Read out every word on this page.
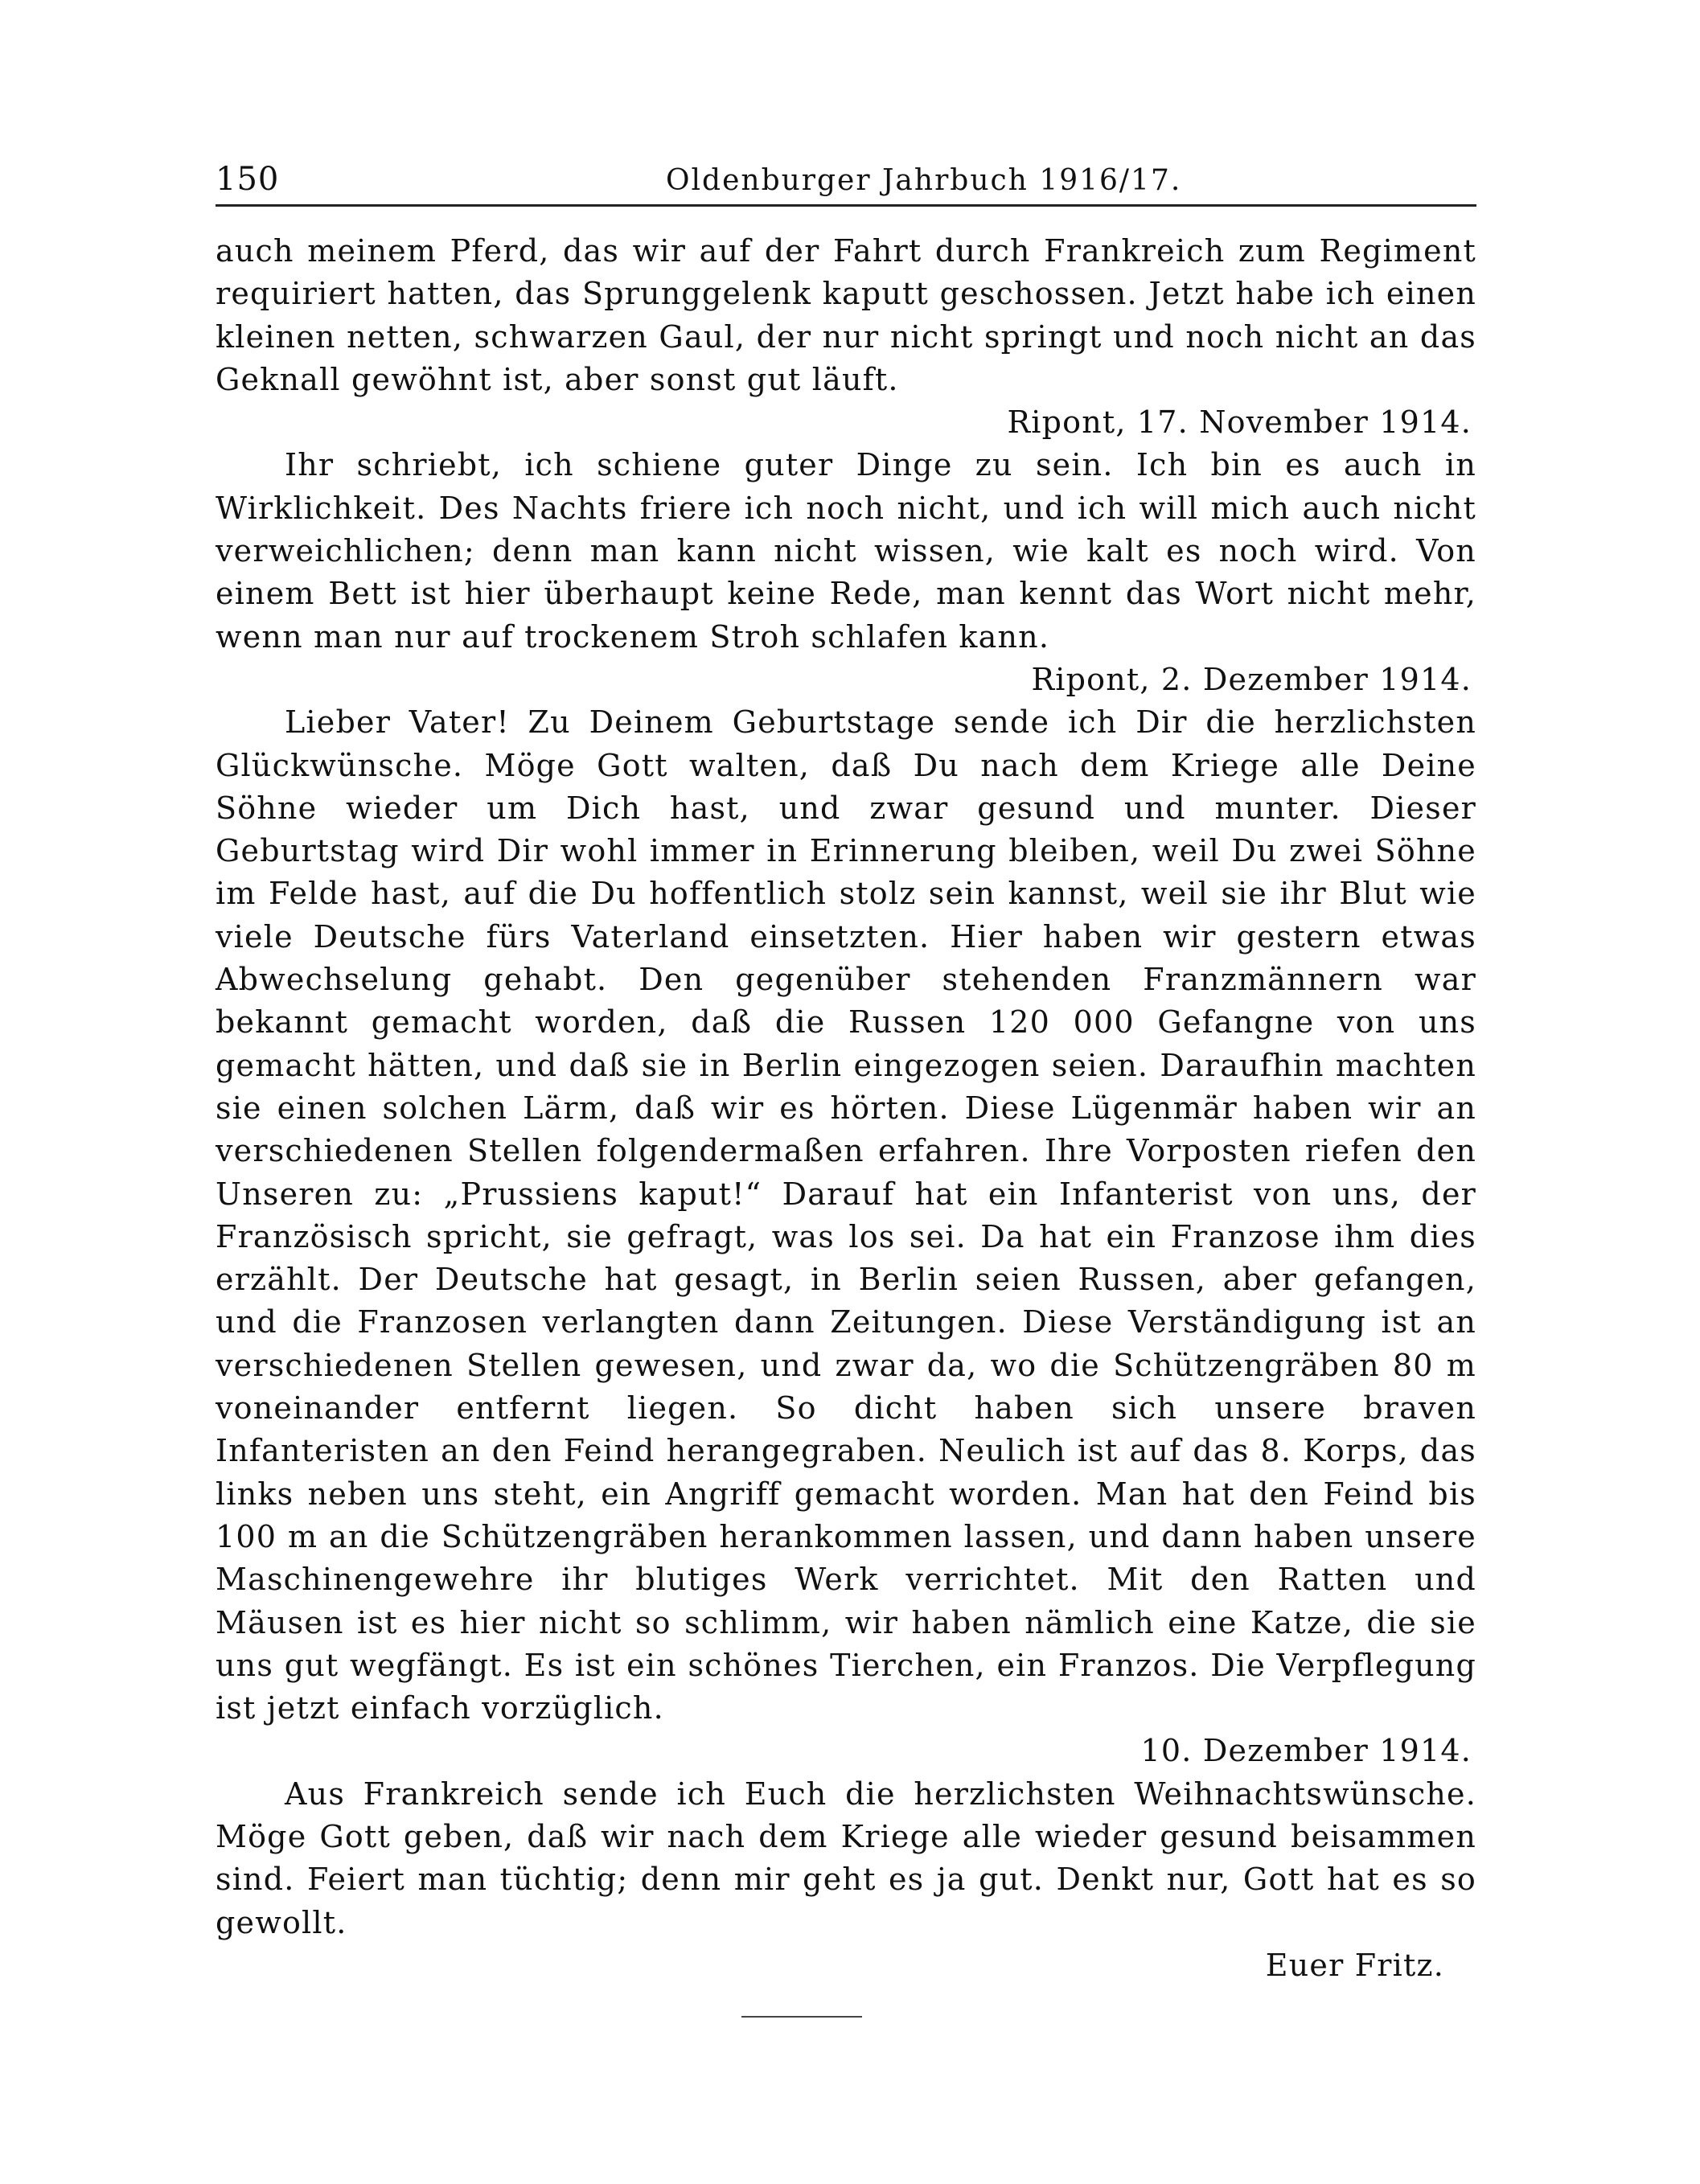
150	Oldenburger Jahrbuch 1916/17.

auch meinem Pferd, das wir auf der Fahrt durch Frankreich zum Regiment requiriert hatten, das Sprunggelenk kaputt geschossen. Jetzt habe ich einen kleinen netten, schwarzen Gaul, der nur nicht springt und noch nicht an das Geknall gewöhnt ist, aber sonst gut läuft.

Ripont, 17. November 1914.

Ihr schriebt, ich schiene guter Dinge zu sein. Ich bin es auch in Wirklichkeit. Des Nachts friere ich noch nicht, und ich will mich auch nicht verweichlichen; denn man kann nicht wissen, wie kalt es noch wird. Von einem Bett ist hier überhaupt keine Rede, man kennt das Wort nicht mehr, wenn man nur auf trockenem Stroh schlafen kann.

Ripont, 2. Dezember 1914.

Lieber Vater! Zu Deinem Geburtstage sende ich Dir die herzlichsten Glückwünsche. Möge Gott walten, daß Du nach dem Kriege alle Deine Söhne wieder um Dich hast, und zwar gesund und munter. Dieser Geburtstag wird Dir wohl immer in Erinnerung bleiben, weil Du zwei Söhne im Felde hast, auf die Du hoffentlich stolz sein kannst, weil sie ihr Blut wie viele Deutsche fürs Vaterland einsetzten. Hier haben wir gestern etwas Abwechselung gehabt. Den gegenüber stehenden Franzmännern war bekannt gemacht worden, daß die Russen 120 000 Gefangne von uns gemacht hätten, und daß sie in Berlin eingezogen seien. Daraufhin machten sie einen solchen Lärm, daß wir es hörten. Diese Lügenmär haben wir an verschiedenen Stellen folgendermaßen erfahren. Ihre Vorposten riefen den Unseren zu: „Prussiens kaput!“ Darauf hat ein Infanterist von uns, der Französisch spricht, sie gefragt, was los sei. Da hat ein Franzose ihm dies erzählt. Der Deutsche hat gesagt, in Berlin seien Russen, aber gefangen, und die Franzosen verlangten dann Zeitungen. Diese Verständigung ist an verschiedenen Stellen gewesen, und zwar da, wo die Schützengräben 80 m voneinander entfernt liegen. So dicht haben sich unsere braven Infanteristen an den Feind herangegraben. Neulich ist auf das 8. Korps, das links neben uns steht, ein Angriff gemacht worden. Man hat den Feind bis 100 m an die Schützengräben herankommen lassen, und dann haben unsere Maschinengewehre ihr blutiges Werk verrichtet. Mit den Ratten und Mäusen ist es hier nicht so schlimm, wir haben nämlich eine Katze, die sie uns gut wegfängt. Es ist ein schönes Tierchen, ein Franzos. Die Verpflegung ist jetzt einfach vorzüglich.

10. Dezember 1914.

Aus Frankreich sende ich Euch die herzlichsten Weihnachtswünsche. Möge Gott geben, daß wir nach dem Kriege alle wieder gesund beisammen sind. Feiert man tüchtig; denn mir geht es ja gut. Denkt nur, Gott hat es so gewollt.

Euer Fritz.
